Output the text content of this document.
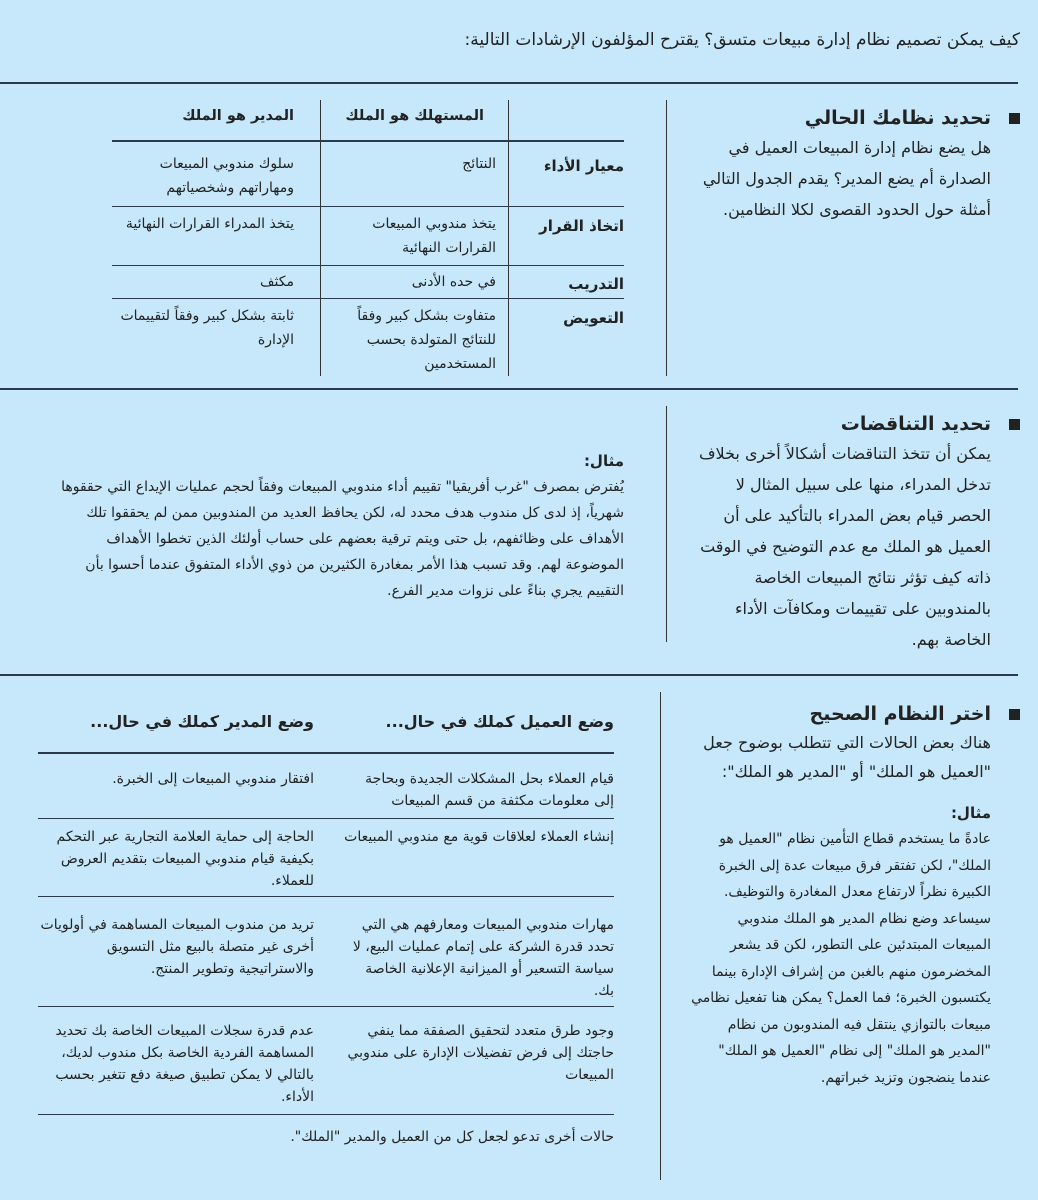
كيف يمكن تصميم نظام إدارة مبيعات متسق؟ يقترح المؤلفون الإرشادات التالية:
تحديد نظامك الحالي
هل يضع نظام إدارة المبيعات العميل في الصدارة أم يضع المدير؟ يقدم الجدول التالي أمثلة حول الحدود القصوى لكلا النظامين.
المستهلك هو الملك
المدير هو الملك
معيار الأداء
النتائج
سلوك مندوبي المبيعات ومهاراتهم وشخصياتهم
اتخاذ القرار
يتخذ مندوبي المبيعات القرارات النهائية
يتخذ المدراء القرارات النهائية
التدريب
في حده الأدنى
مكثف
التعويض
متفاوت بشكل كبير وفقاً للنتائج المتولدة بحسب المستخدمين
ثابتة بشكل كبير وفقاً لتقييمات الإدارة
تحديد التناقضات
يمكن أن تتخذ التناقضات أشكالاً أخرى بخلاف تدخل المدراء، منها على سبيل المثال لا الحصر قيام بعض المدراء بالتأكيد على أن العميل هو الملك مع عدم التوضيح في الوقت ذاته كيف تؤثر نتائج المبيعات الخاصة بالمندوبين على تقييمات ومكافآت الأداء الخاصة بهم.
مثال:
يُفترض بمصرف "غرب أفريقيا" تقييم أداء مندوبي المبيعات وفقاً لحجم عمليات الإيداع التي حققوها شهرياً، إذ لدى كل مندوب هدف محدد له، لكن يحافظ العديد من المندوبين ممن لم يحققوا تلك الأهداف على وظائفهم، بل حتى ويتم ترقية بعضهم على حساب أولئك الذين تخطوا الأهداف الموضوعة لهم. وقد تسبب هذا الأمر بمغادرة الكثيرين من ذوي الأداء المتفوق عندما أحسوا بأن التقييم يجري بناءً على نزوات مدير الفرع.
اختر النظام الصحيح
هناك بعض الحالات التي تتطلب بوضوح جعل "العميل هو الملك" أو "المدير هو الملك":
مثال:
عادةً ما يستخدم قطاع التأمين نظام "العميل هو الملك"، لكن تفتقر فرق مبيعات عدة إلى الخبرة الكبيرة نظراً لارتفاع معدل المغادرة والتوظيف. سيساعد وضع نظام المدير هو الملك مندوبي المبيعات المبتدئين على التطور، لكن قد يشعر المخضرمون منهم بالغبن من إشراف الإدارة بينما يكتسبون الخبرة؛ فما العمل؟ يمكن هنا تفعيل نظامي مبيعات بالتوازي ينتقل فيه المندوبون من نظام "المدير هو الملك" إلى نظام "العميل هو الملك" عندما ينضجون وتزيد خبراتهم.
وضع العميل كملك في حال...
وضع المدير كملك في حال...
قيام العملاء بحل المشكلات الجديدة وبحاجة إلى معلومات مكثفة من قسم المبيعات
افتقار مندوبي المبيعات إلى الخبرة.
إنشاء العملاء لعلاقات قوية مع مندوبي المبيعات
الحاجة إلى حماية العلامة التجارية عبر التحكم بكيفية قيام مندوبي المبيعات بتقديم العروض للعملاء.
مهارات مندوبي المبيعات ومعارفهم هي التي تحدد قدرة الشركة على إتمام عمليات البيع، لا سياسة التسعير أو الميزانية الإعلانية الخاصة بك.
تريد من مندوب المبيعات المساهمة في أولويات أخرى غير متصلة بالبيع مثل التسويق والاستراتيجية وتطوير المنتج.
وجود طرق متعدد لتحقيق الصفقة مما ينفي حاجتك إلى فرض تفضيلات الإدارة على مندوبي المبيعات
عدم قدرة سجلات المبيعات الخاصة بك تحديد المساهمة الفردية الخاصة بكل مندوب لديك، بالتالي لا يمكن تطبيق صيغة دفع تتغير بحسب الأداء.
حالات أخرى تدعو لجعل كل من العميل والمدير "الملك".
